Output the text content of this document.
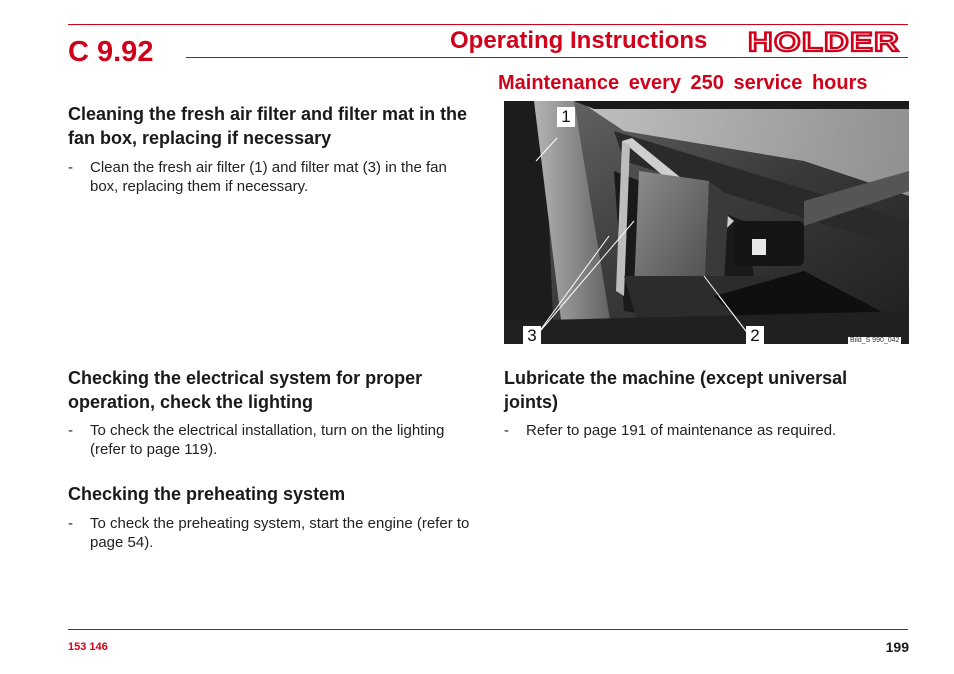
C 9.92	Operating Instructions HOLDER
Maintenance every 250 service hours
Cleaning the fresh air filter and filter mat in the fan box, replacing if necessary
- Clean the fresh air filter (1) and filter mat (3) in the fan box, replacing them if necessary.
1
3	2	Bild_S 990_042
Checking the electrical system for proper operation, check the lighting
- To check the electrical installation, turn on the lighting (refer to page 119).
Checking the preheating system
- To check the preheating system, start the engine (refer to page 54).
Lubricate the machine (except universal joints)
- Refer to page 191 of maintenance as required.
153 146	199
